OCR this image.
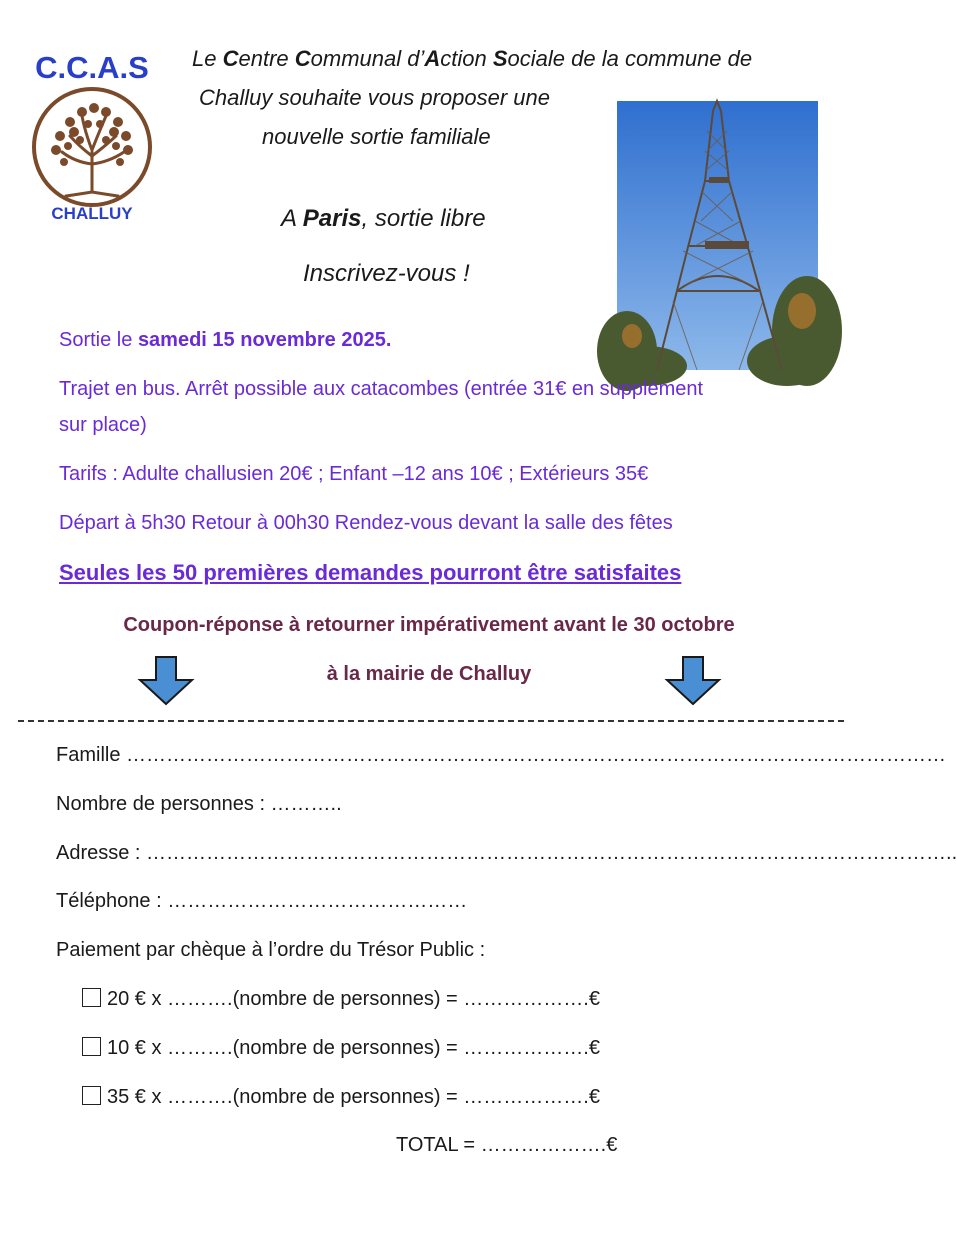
C.C.A.S
CHALLUY
Le Centre Communal d’Action Sociale de la commune de
Challuy souhaite vous proposer une
nouvelle sortie familiale
A Paris, sortie libre
Inscrivez-vous !
Sortie le samedi 15 novembre 2025.
Trajet en bus. Arrêt possible aux catacombes (entrée 31€ en supplément
sur place)
Tarifs : Adulte challusien 20€ ; Enfant –12 ans 10€ ; Extérieurs 35€
Départ à 5h30 Retour à 00h30 Rendez-vous devant la salle des fêtes
Seules les 50 premières demandes pourront être satisfaites
Coupon-réponse à retourner impérativement avant le 30 octobre
à la mairie de Challuy
Famille ……………………………………………………………………………………………………………
Nombre de personnes : ………..
Adresse : …………………………………………………………………………………………………………..
Téléphone : ………………………………………
Paiement par chèque à l’ordre du Trésor Public :
20 € x ……….(nombre de personnes) = ……………….€
10 € x ……….(nombre de personnes) = ……………….€
35 € x ……….(nombre de personnes) = ……………….€
TOTAL = ……………….€
